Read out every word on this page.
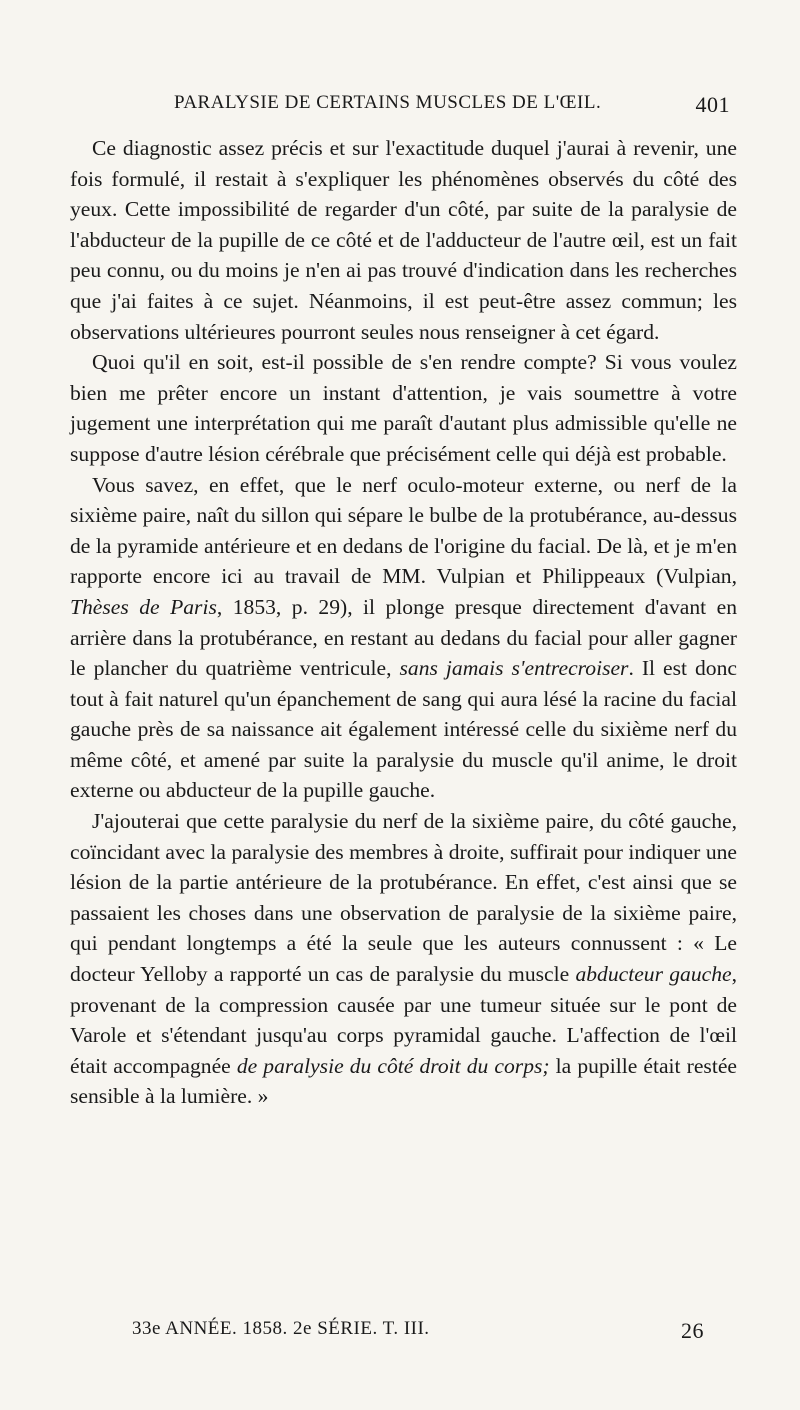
PARALYSIE DE CERTAINS MUSCLES DE L'ŒIL.	401

Ce diagnostic assez précis et sur l'exactitude duquel j'aurai à revenir, une fois formulé, il restait à s'expliquer les phénomènes observés du côté des yeux. Cette impossibilité de regarder d'un côté, par suite de la paralysie de l'abducteur de la pupille de ce côté et de l'adducteur de l'autre œil, est un fait peu connu, ou du moins je n'en ai pas trouvé d'indication dans les recherches que j'ai faites à ce sujet. Néanmoins, il est peut-être assez commun; les observations ultérieures pourront seules nous renseigner à cet égard.

Quoi qu'il en soit, est-il possible de s'en rendre compte? Si vous voulez bien me prêter encore un instant d'attention, je vais soumettre à votre jugement une interprétation qui me paraît d'autant plus admissible qu'elle ne suppose d'autre lésion cérébrale que précisément celle qui déjà est probable.

Vous savez, en effet, que le nerf oculo-moteur externe, ou nerf de la sixième paire, naît du sillon qui sépare le bulbe de la protubérance, au-dessus de la pyramide antérieure et en dedans de l'origine du facial. De là, et je m'en rapporte encore ici au travail de MM. Vulpian et Philippeaux (Vulpian, Thèses de Paris, 1853, p. 29), il plonge presque directement d'avant en arrière dans la protubérance, en restant au dedans du facial pour aller gagner le plancher du quatrième ventricule, sans jamais s'entrecroiser. Il est donc tout à fait naturel qu'un épanchement de sang qui aura lésé la racine du facial gauche près de sa naissance ait également intéressé celle du sixième nerf du même côté, et amené par suite la paralysie du muscle qu'il anime, le droit externe ou abducteur de la pupille gauche.

J'ajouterai que cette paralysie du nerf de la sixième paire, du côté gauche, coïncidant avec la paralysie des membres à droite, suffirait pour indiquer une lésion de la partie antérieure de la protubérance. En effet, c'est ainsi que se passaient les choses dans une observation de paralysie de la sixième paire, qui pendant longtemps a été la seule que les auteurs connussent : « Le docteur Yelloby a rapporté un cas de paralysie du muscle abducteur gauche, provenant de la compression causée par une tumeur située sur le pont de Varole et s'étendant jusqu'au corps pyramidal gauche. L'affection de l'œil était accompagnée de paralysie du côté droit du corps; la pupille était restée sensible à la lumière. »

33e ANNÉE. 1858. 2e SÉRIE. T. III.	26
